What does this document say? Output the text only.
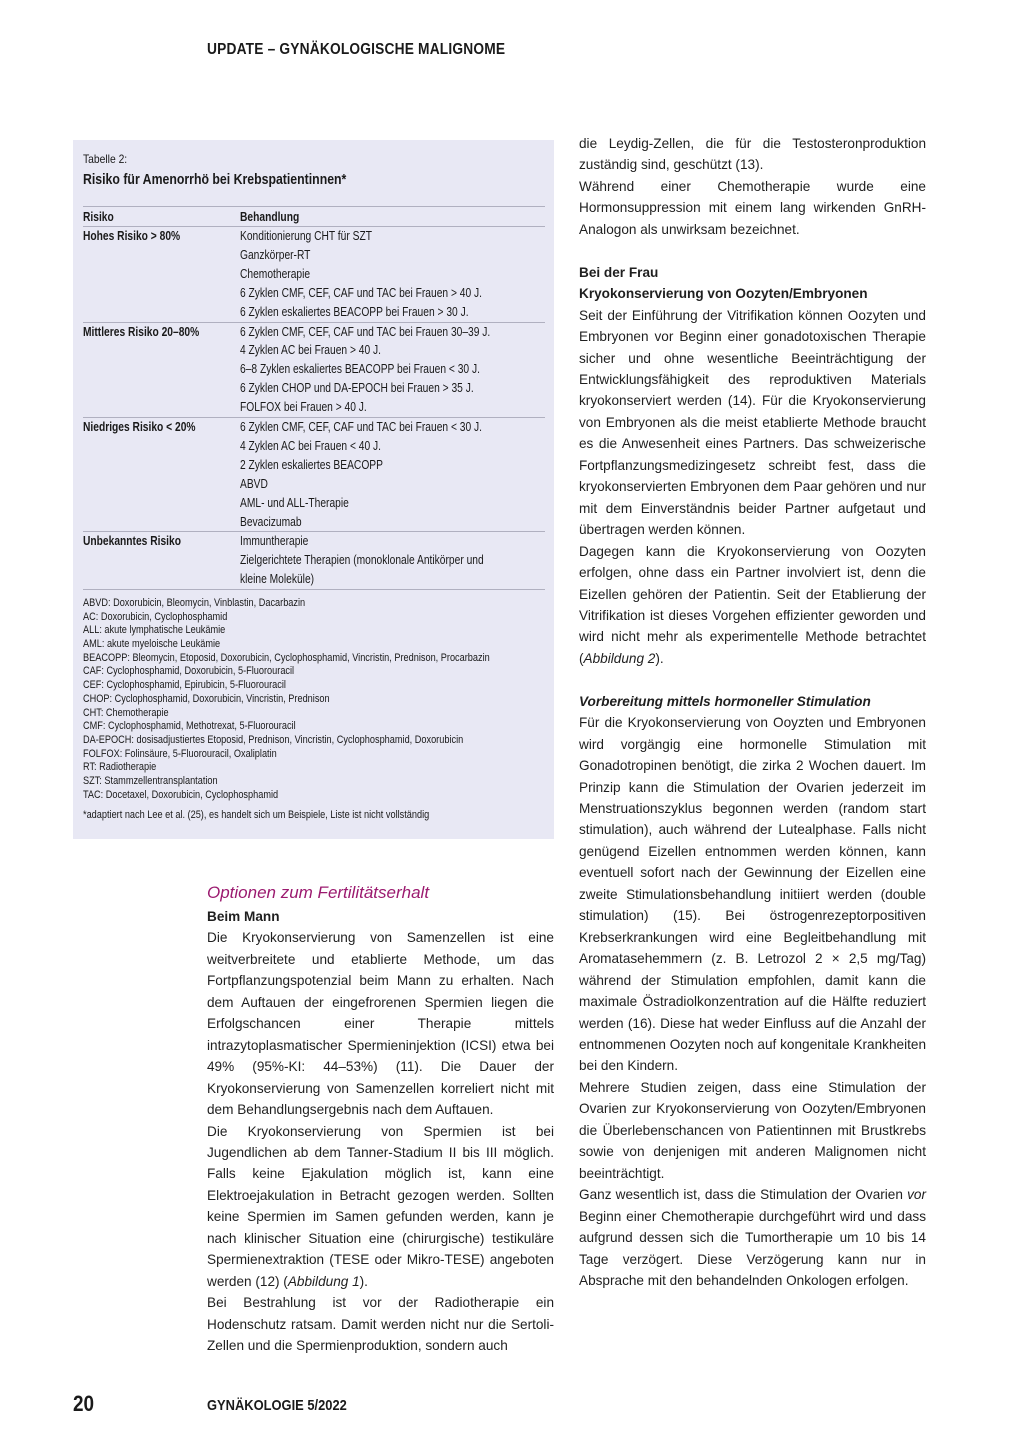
UPDATE – GYNÄKOLOGISCHE MALIGNOME
Tabelle 2:
Risiko für Amenorrhö bei Krebspatientinnen*
Risiko	Behandlung
Hohes Risiko > 80%	Konditionierung CHT für SZT
Ganzkörper-RT
Chemotherapie
6 Zyklen CMF, CEF, CAF und TAC bei Frauen > 40 J.
6 Zyklen eskaliertes BEACOPP bei Frauen > 30 J.
Mittleres Risiko 20–80%	6 Zyklen CMF, CEF, CAF und TAC bei Frauen 30–39 J.
4 Zyklen AC bei Frauen > 40 J.
6–8 Zyklen eskaliertes BEACOPP bei Frauen < 30 J.
6 Zyklen CHOP und DA-EPOCH bei Frauen > 35 J.
FOLFOX bei Frauen > 40 J.
Niedriges Risiko < 20%	6 Zyklen CMF, CEF, CAF und TAC bei Frauen < 30 J.
4 Zyklen AC bei Frauen < 40 J.
2 Zyklen eskaliertes BEACOPP
ABVD
AML- und ALL-Therapie
Bevacizumab
Unbekanntes Risiko	Immuntherapie
Zielgerichtete Therapien (monoklonale Antikörper und
kleine Moleküle)
ABVD: Doxorubicin, Bleomycin, Vinblastin, Dacarbazin
AC: Doxorubicin, Cyclophosphamid
ALL: akute lymphatische Leukämie
AML: akute myeloische Leukämie
BEACOPP: Bleomycin, Etoposid, Doxorubicin, Cyclophosphamid, Vincristin, Prednison, Procarbazin
CAF: Cyclophosphamid, Doxorubicin, 5-Fluorouracil
CEF: Cyclophosphamid, Epirubicin, 5-Fluorouracil
CHOP: Cyclophosphamid, Doxorubicin, Vincristin, Prednison
CHT: Chemotherapie
CMF: Cyclophosphamid, Methotrexat, 5-Fluorouracil
DA-EPOCH: dosisadjustiertes Etoposid, Prednison, Vincristin, Cyclophosphamid, Doxorubicin
FOLFOX: Folinsäure, 5-Fluorouracil, Oxaliplatin
RT: Radiotherapie
SZT: Stammzellentransplantation
TAC: Docetaxel, Doxorubicin, Cyclophosphamid
*adaptiert nach Lee et al. (25), es handelt sich um Beispiele, Liste ist nicht vollständig
Optionen zum Fertilitätserhalt

Beim Mann

Die Kryokonservierung von Samenzellen ist eine weitverbreitete und etablierte Methode, um das Fortpflanzungspotenzial beim Mann zu erhalten. Nach dem Auftauen der eingefrorenen Spermien liegen die Erfolgschancen einer Therapie mittels intrazytoplasmatischer Spermieninjektion (ICSI) etwa bei 49% (95%-KI: 44–53%) (11). Die Dauer der Kryokonservierung von Samenzellen korreliert nicht mit dem Behandlungsergebnis nach dem Auftauen.

Die Kryokonservierung von Spermien ist bei Jugendlichen ab dem Tanner-Stadium II bis III möglich. Falls keine Ejakulation möglich ist, kann eine Elektroejakulation in Betracht gezogen werden. Sollten keine Spermien im Samen gefunden werden, kann je nach klinischer Situation eine (chirurgische) testikuläre Spermienextraktion (TESE oder Mikro-TESE) angeboten werden (12) (Abbildung 1).

Bei Bestrahlung ist vor der Radiotherapie ein Hodenschutz ratsam. Damit werden nicht nur die Sertoli-Zellen und die Spermienproduktion, sondern auch

die Leydig-Zellen, die für die Testosteronproduktion zuständig sind, geschützt (13).

Während einer Chemotherapie wurde eine Hormonsuppression mit einem lang wirkenden GnRH-Analogon als unwirksam bezeichnet.

Bei der Frau

Kryokonservierung von Oozyten/Embryonen

Seit der Einführung der Vitrifikation können Oozyten und Embryonen vor Beginn einer gonadotoxischen Therapie sicher und ohne wesentliche Beeinträchtigung der Entwicklungsfähigkeit des reproduktiven Materials kryokonserviert werden (14). Für die Kryokonservierung von Embryonen als die meist etablierte Methode braucht es die Anwesenheit eines Partners. Das schweizerische Fortpflanzungsmedizingesetz schreibt fest, dass die kryokonservierten Embryonen dem Paar gehören und nur mit dem Einverständnis beider Partner aufgetaut und übertragen werden können.

Dagegen kann die Kryokonservierung von Oozyten erfolgen, ohne dass ein Partner involviert ist, denn die Eizellen gehören der Patientin. Seit der Etablierung der Vitrifikation ist dieses Vorgehen effizienter geworden und wird nicht mehr als experimentelle Methode betrachtet (Abbildung 2).

Vorbereitung mittels hormoneller Stimulation

Für die Kryokonservierung von Ooyzten und Embryonen wird vorgängig eine hormonelle Stimulation mit Gonadotropinen benötigt, die zirka 2 Wochen dauert. Im Prinzip kann die Stimulation der Ovarien jederzeit im Menstruationszyklus begonnen werden (random start stimulation), auch während der Lutealphase. Falls nicht genügend Eizellen entnommen werden können, kann eventuell sofort nach der Gewinnung der Eizellen eine zweite Stimulationsbehandlung initiiert werden (double stimulation) (15). Bei östrogenrezeptorpositiven Krebserkrankungen wird eine Begleitbehandlung mit Aromatasehemmern (z. B. Letrozol 2 × 2,5 mg/Tag) während der Stimulation empfohlen, damit kann die maximale Östradiolkonzentration auf die Hälfte reduziert werden (16). Diese hat weder Einfluss auf die Anzahl der entnommenen Oozyten noch auf kongenitale Krankheiten bei den Kindern.

Mehrere Studien zeigen, dass eine Stimulation der Ovarien zur Kryokonservierung von Oozyten/Embryonen die Überlebenschancen von Patientinnen mit Brustkrebs sowie von denjenigen mit anderen Malignomen nicht beeinträchtigt.

Ganz wesentlich ist, dass die Stimulation der Ovarien vor Beginn einer Chemotherapie durchgeführt wird und dass aufgrund dessen sich die Tumortherapie um 10 bis 14 Tage verzögert. Diese Verzögerung kann nur in Absprache mit den behandelnden Onkologen erfolgen.

20	GYNÄKOLOGIE 5/2022
